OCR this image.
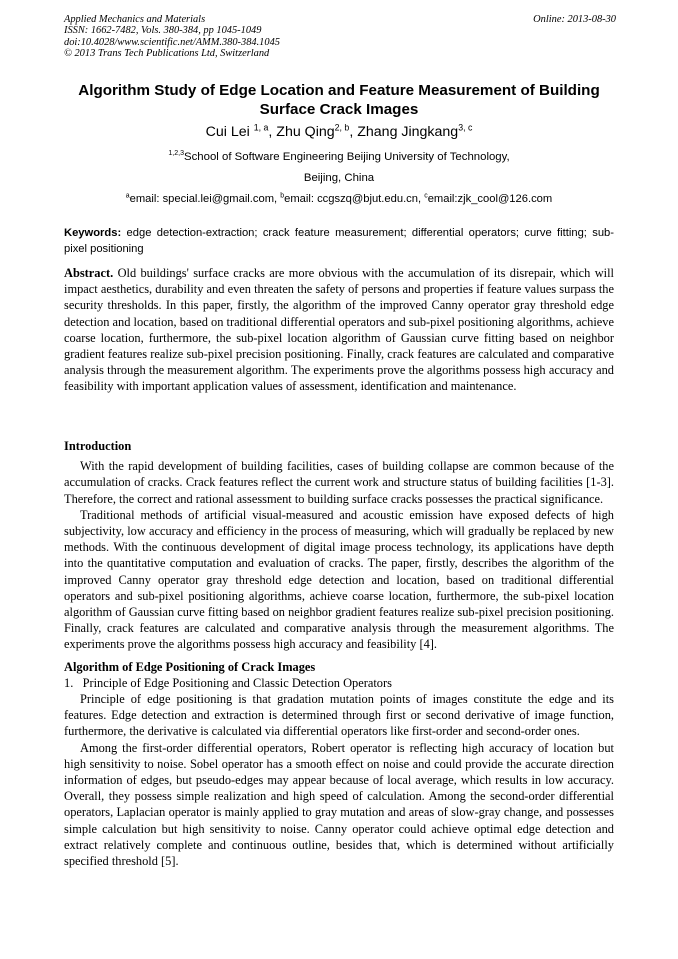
Applied Mechanics and Materials
ISSN: 1662-7482, Vols. 380-384, pp 1045-1049
doi:10.4028/www.scientific.net/AMM.380-384.1045
© 2013 Trans Tech Publications Ltd, Switzerland
Online: 2013-08-30
Algorithm Study of Edge Location and Feature Measurement of Building
Surface Crack Images
Cui Lei $^{1, a}$, Zhu Qing$^{2, b}$, Zhang Jingkang$^{3, c}$
$^{1,2,3}$School of Software Engineering Beijing University of Technology,
Beijing, China
$^a$email: special.lei@gmail.com, $^b$email: ccgszq@bjut.edu.cn, $^c$email:zjk_cool@126.com
Keywords: edge detection-extraction; crack feature measurement; differential operators; curve fitting; sub-pixel positioning

Abstract. Old buildings' surface cracks are more obvious with the accumulation of its disrepair, which will impact aesthetics, durability and even threaten the safety of persons and properties if feature values surpass the security thresholds. In this paper, firstly, the algorithm of the improved Canny operator gray threshold edge detection and location, based on traditional differential operators and sub-pixel positioning algorithms, achieve coarse location, furthermore, the sub-pixel location algorithm of Gaussian curve fitting based on neighbor gradient features realize sub-pixel precision positioning. Finally, crack features are calculated and comparative analysis through the measurement algorithm. The experiments prove the algorithms possess high accuracy and feasibility with important application values of assessment, identification and maintenance.

Introduction

With the rapid development of building facilities, cases of building collapse are common because of the accumulation of cracks. Crack features reflect the current work and structure status of building facilities [1-3]. Therefore, the correct and rational assessment to building surface cracks possesses the practical significance.

Traditional methods of artificial visual-measured and acoustic emission have exposed defects of high subjectivity, low accuracy and efficiency in the process of measuring, which will gradually be replaced by new methods. With the continuous development of digital image process technology, its applications have depth into the quantitative computation and evaluation of cracks. The paper, firstly, describes the algorithm of the improved Canny operator gray threshold edge detection and location, based on traditional differential operators and sub-pixel positioning algorithms, achieve coarse location, furthermore, the sub-pixel location algorithm of Gaussian curve fitting based on neighbor gradient features realize sub-pixel precision positioning. Finally, crack features are calculated and comparative analysis through the measurement algorithms. The experiments prove the algorithms possess high accuracy and feasibility [4].

Algorithm of Edge Positioning of Crack Images

1.   Principle of Edge Positioning and Classic Detection Operators

Principle of edge positioning is that gradation mutation points of images constitute the edge and its features. Edge detection and extraction is determined through first or second derivative of image function, furthermore, the derivative is calculated via differential operators like first-order and second-order ones.

Among the first-order differential operators, Robert operator is reflecting high accuracy of location but high sensitivity to noise. Sobel operator has a smooth effect on noise and could provide the accurate direction information of edges, but pseudo-edges may appear because of local average, which results in low accuracy. Overall, they possess simple realization and high speed of calculation. Among the second-order differential operators, Laplacian operator is mainly applied to gray mutation and areas of slow-gray change, and possesses simple calculation but high sensitivity to noise. Canny operator could achieve optimal edge detection and extract relatively complete and continuous outline, besides that, which is determined without artificially specified threshold [5].
